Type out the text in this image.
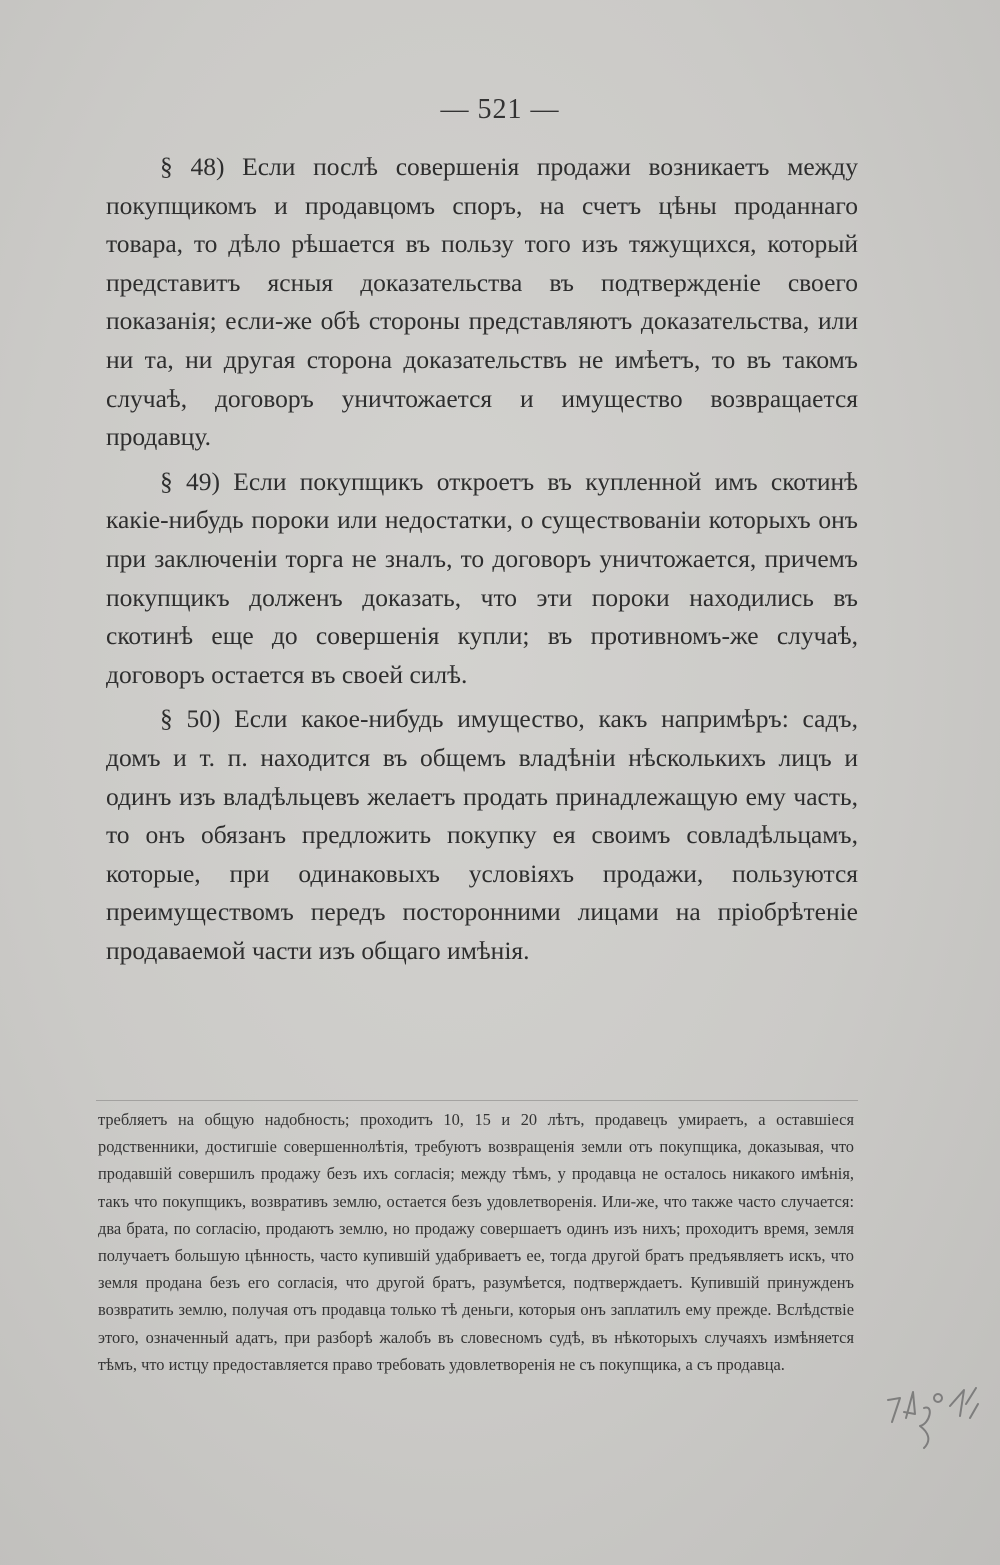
— 521 —

§ 48) Если послѣ совершенія продажи возникаетъ между покупщикомъ и продавцомъ споръ, на счетъ цѣны проданнаго товара, то дѣло рѣшается въ пользу того изъ тяжущихся, который представитъ ясныя доказательства въ подтвержденіе своего показанія; если-же обѣ стороны представляютъ доказательства, или ни та, ни другая сторона доказательствъ не имѣетъ, то въ такомъ случаѣ, договоръ уничтожается и имущество возвращается продавцу.

§ 49) Если покупщикъ откроетъ въ купленной имъ скотинѣ какіе-нибудь пороки или недостатки, о существованіи которыхъ онъ при заключеніи торга не зналъ, то договоръ уничтожается, причемъ покупщикъ долженъ доказать, что эти пороки находились въ скотинѣ еще до совершенія купли; въ противномъ-же случаѣ, договоръ остается въ своей силѣ.

§ 50) Если какое-нибудь имущество, какъ напримѣръ: садъ, домъ и т. п. находится въ общемъ владѣніи нѣсколькихъ лицъ и одинъ изъ владѣльцевъ желаетъ продать принадлежащую ему часть, то онъ обязанъ предложить покупку ея своимъ совладѣльцамъ, которые, при одинаковыхъ условіяхъ продажи, пользуются преимуществомъ передъ посторонними лицами на пріобрѣтеніе продаваемой части изъ общаго имѣнія.

требляетъ на общую надобность; проходитъ 10, 15 и 20 лѣтъ, продавецъ умираетъ, а оставшіеся родственники, достигшіе совершеннолѣтія, требуютъ возвращенія земли отъ покупщика, доказывая, что продавшій совершилъ продажу безъ ихъ согласія; между тѣмъ, у продавца не осталось никакого имѣнія, такъ что покупщикъ, возвративъ землю, остается безъ удовлетворенія. Или-же, что также часто случается: два брата, по согласію, продаютъ землю, но продажу совершаетъ одинъ изъ нихъ; проходитъ время, земля получаетъ большую цѣнность, часто купившій удабриваетъ ее, тогда другой братъ предъявляетъ искъ, что земля продана безъ его согласія, что другой братъ, разумѣется, подтверждаетъ. Купившій принужденъ возвратить землю, получая отъ продавца только тѣ деньги, которыя онъ заплатилъ ему прежде. Вслѣдствіе этого, означенный адатъ, при разборѣ жалобъ въ словесномъ судѣ, въ нѣкоторыхъ случаяхъ измѣняется тѣмъ, что истцу предоставляется право требовать удовлетворенія не съ покупщика, а съ продавца.
